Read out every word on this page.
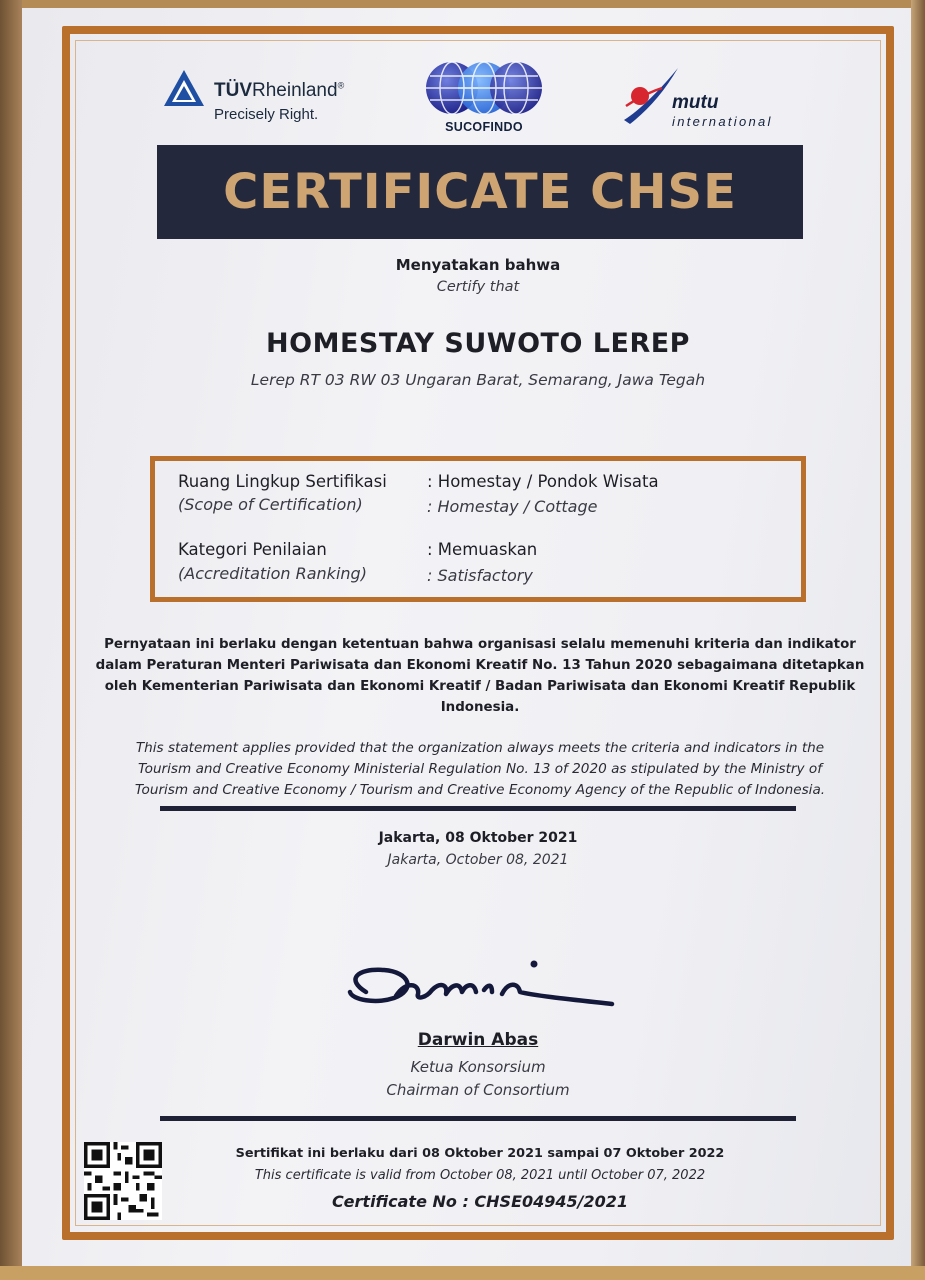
TÜVRheinland®
Precisely Right.
SUCOFINDO
mutu
international
CERTIFICATE CHSE
Menyatakan bahwa
Certify that
HOMESTAY SUWOTO LEREP
Lerep RT 03 RW 03 Ungaran Barat, Semarang, Jawa Tegah
Ruang Lingkup Sertifikasi
(Scope of Certification)
: Homestay / Pondok Wisata
: Homestay / Cottage
Kategori Penilaian
(Accreditation Ranking)
: Memuaskan
: Satisfactory
Pernyataan ini berlaku dengan ketentuan bahwa organisasi selalu memenuhi kriteria dan indikator
dalam Peraturan Menteri Pariwisata dan Ekonomi Kreatif No. 13 Tahun 2020 sebagaimana ditetapkan
oleh Kementerian Pariwisata dan Ekonomi Kreatif / Badan Pariwisata dan Ekonomi Kreatif Republik
Indonesia.
This statement applies provided that the organization always meets the criteria and indicators in the
Tourism and Creative Economy Ministerial Regulation No. 13 of 2020 as stipulated by the Ministry of
Tourism and Creative Economy / Tourism and Creative Economy Agency of the Republic of Indonesia.
Jakarta, 08 Oktober 2021
Jakarta, October 08, 2021
Darwin Abas
Ketua Konsorsium
Chairman of Consortium
Sertifikat ini berlaku dari 08 Oktober 2021 sampai 07 Oktober 2022
This certificate is valid from October 08, 2021 until October 07, 2022
Certificate No : CHSE04945/2021
